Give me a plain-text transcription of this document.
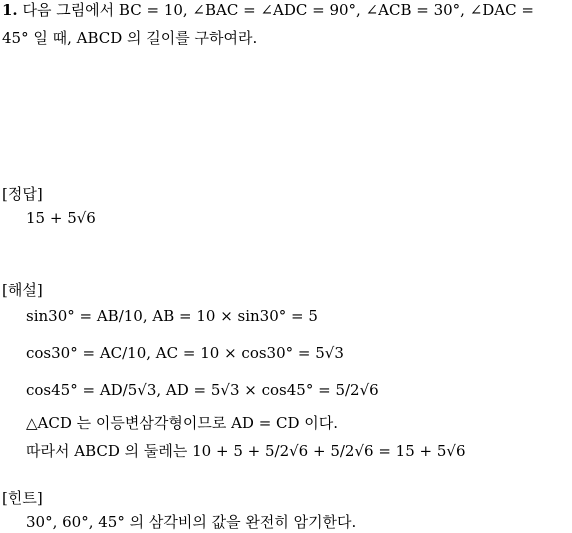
1. 다음 그림에서 BC = 10, ∠BAC = ∠ADC = 90°, ∠ACB = 30°, ∠DAC =
45° 일 때, ABCD 의 길이를 구하여라.
[정답]
15 + 5√6
[해설]
sin30° = AB/10, AB = 10 × sin30° = 5
cos30° = AC/10, AC = 10 × cos30° = 5√3
cos45° = AD/5√3, AD = 5√3 × cos45° = 5/2√6
△ACD 는 이등변삼각형이므로 AD = CD 이다.
따라서 ABCD 의 둘레는 10 + 5 + 5/2√6 + 5/2√6 = 15 + 5√6
[힌트]
30°, 60°, 45° 의 삼각비의 값을 완전히 암기한다.
